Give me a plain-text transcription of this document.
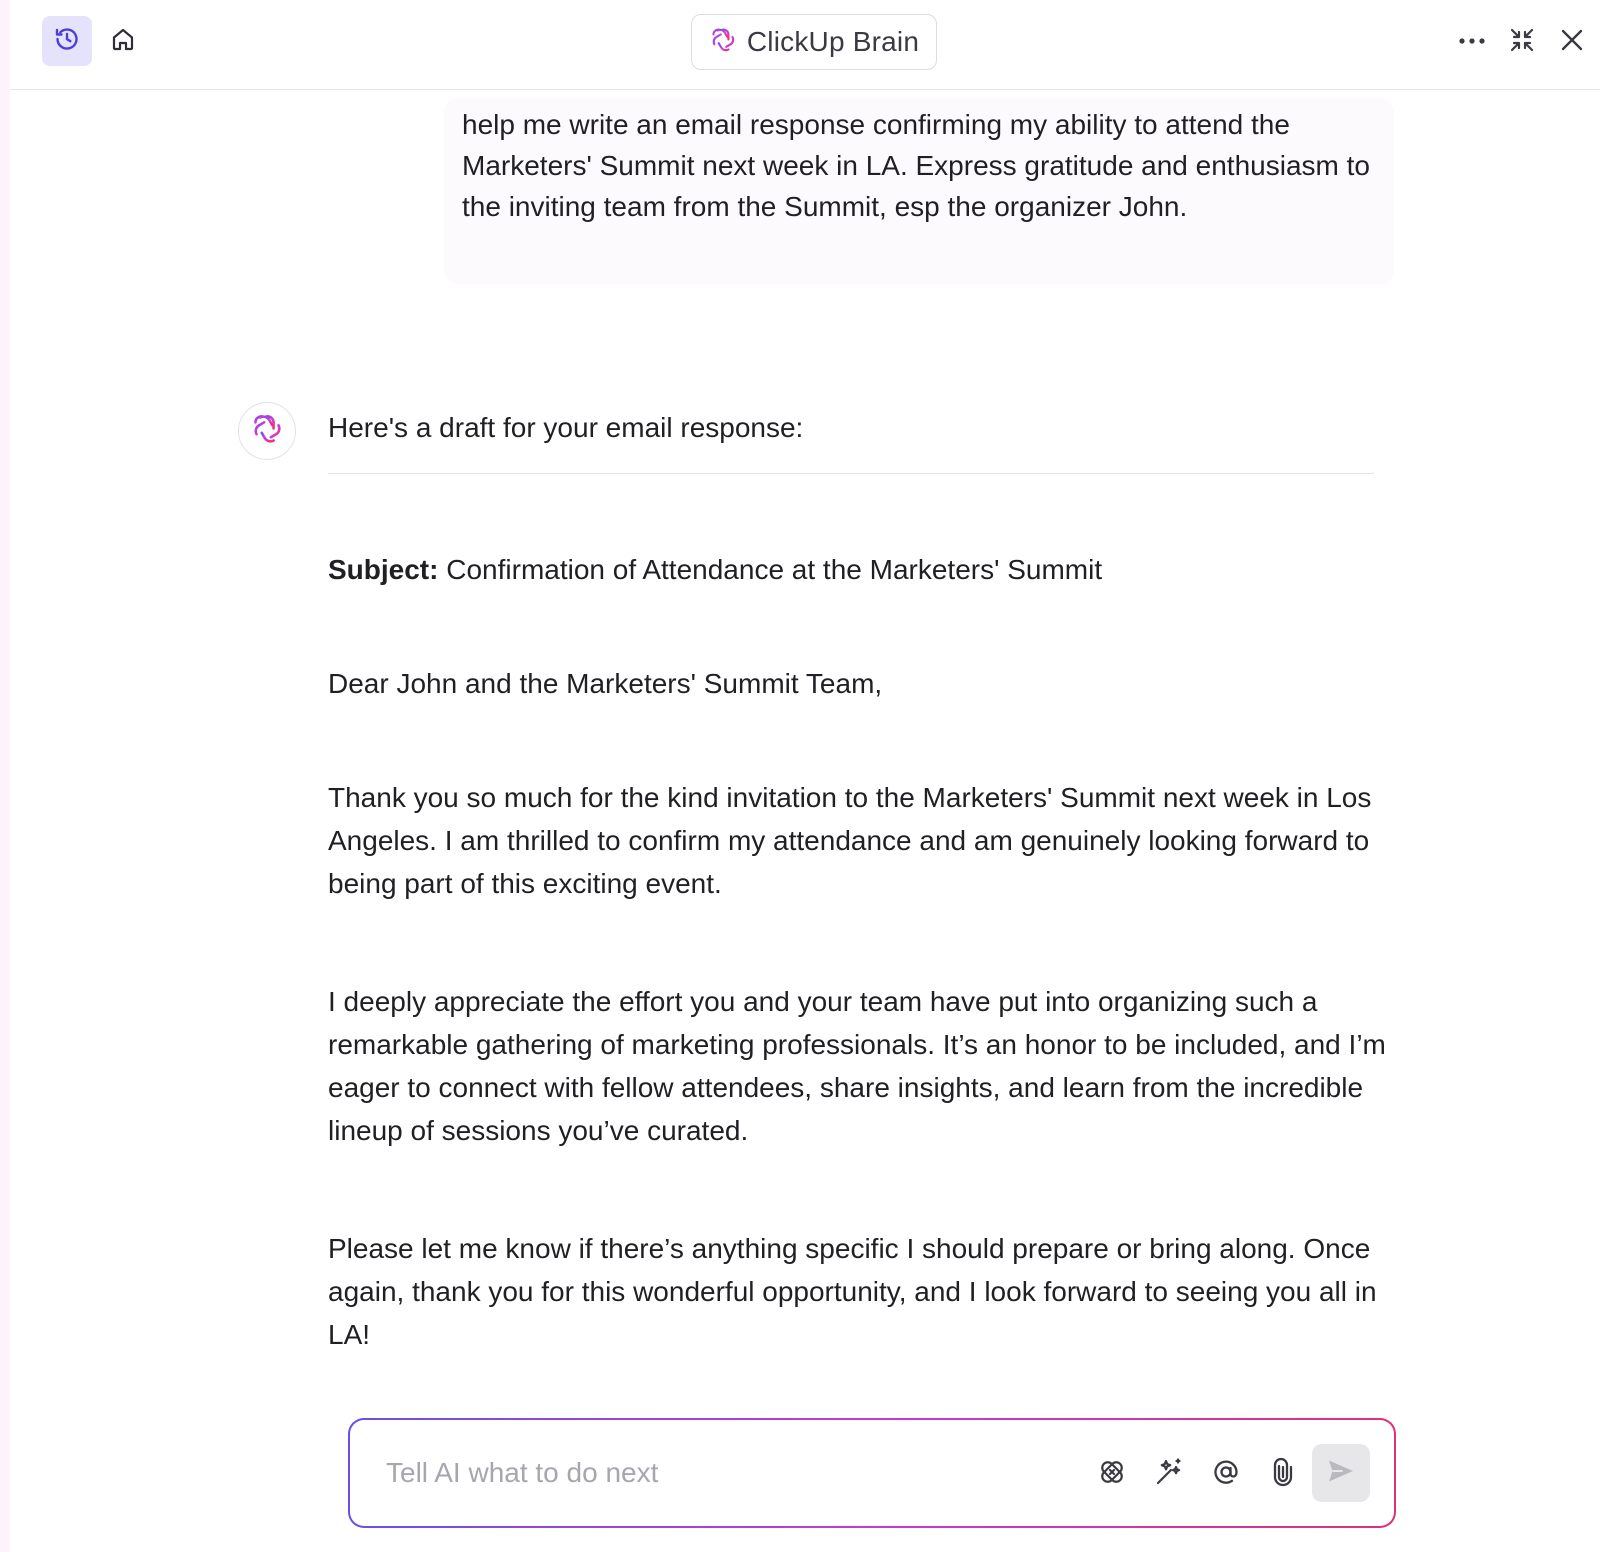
ClickUp Brain

help me write an email response confirming my ability to attend the Marketers' Summit next week in LA. Express gratitude and enthusiasm to the inviting team from the Summit, esp the organizer John.

Here's a draft for your email response:
Subject: Confirmation of Attendance at the Marketers' Summit
Dear John and the Marketers' Summit Team,
Thank you so much for the kind invitation to the Marketers' Summit next week in Los Angeles. I am thrilled to confirm my attendance and am genuinely looking forward to being part of this exciting event.
I deeply appreciate the effort you and your team have put into organizing such a remarkable gathering of marketing professionals. It’s an honor to be included, and I’m eager to connect with fellow attendees, share insights, and learn from the incredible lineup of sessions you’ve curated.
Please let me know if there’s anything specific I should prepare or bring along. Once again, thank you for this wonderful opportunity, and I look forward to seeing you all in LA!
Tell AI what to do next
